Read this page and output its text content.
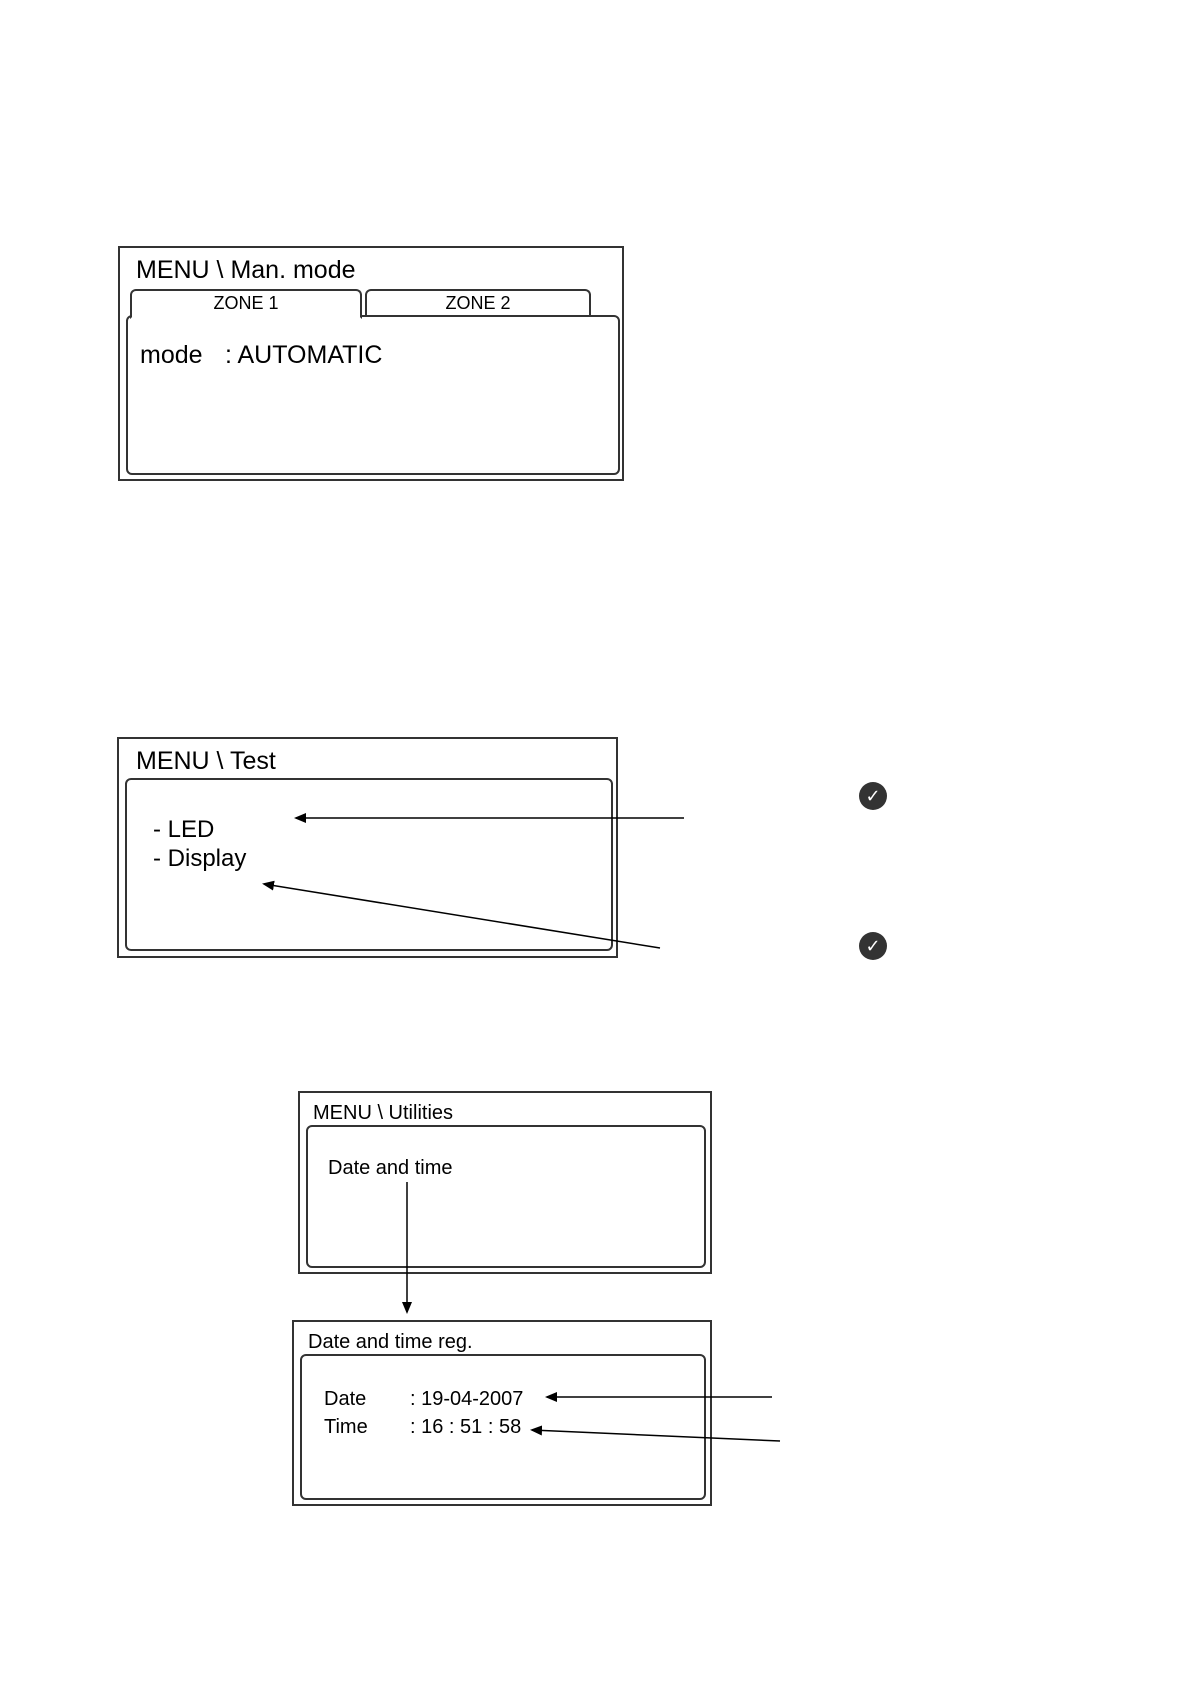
MENU \ Man. mode
ZONE 1	ZONE 2
mode : AUTOMATIC
MENU \ Test
- LED
- Display
✓
✓
MENU \ Utilities
Date and time
Date and time reg.
Date : 19-04-2007
Time : 16 : 51 : 58
